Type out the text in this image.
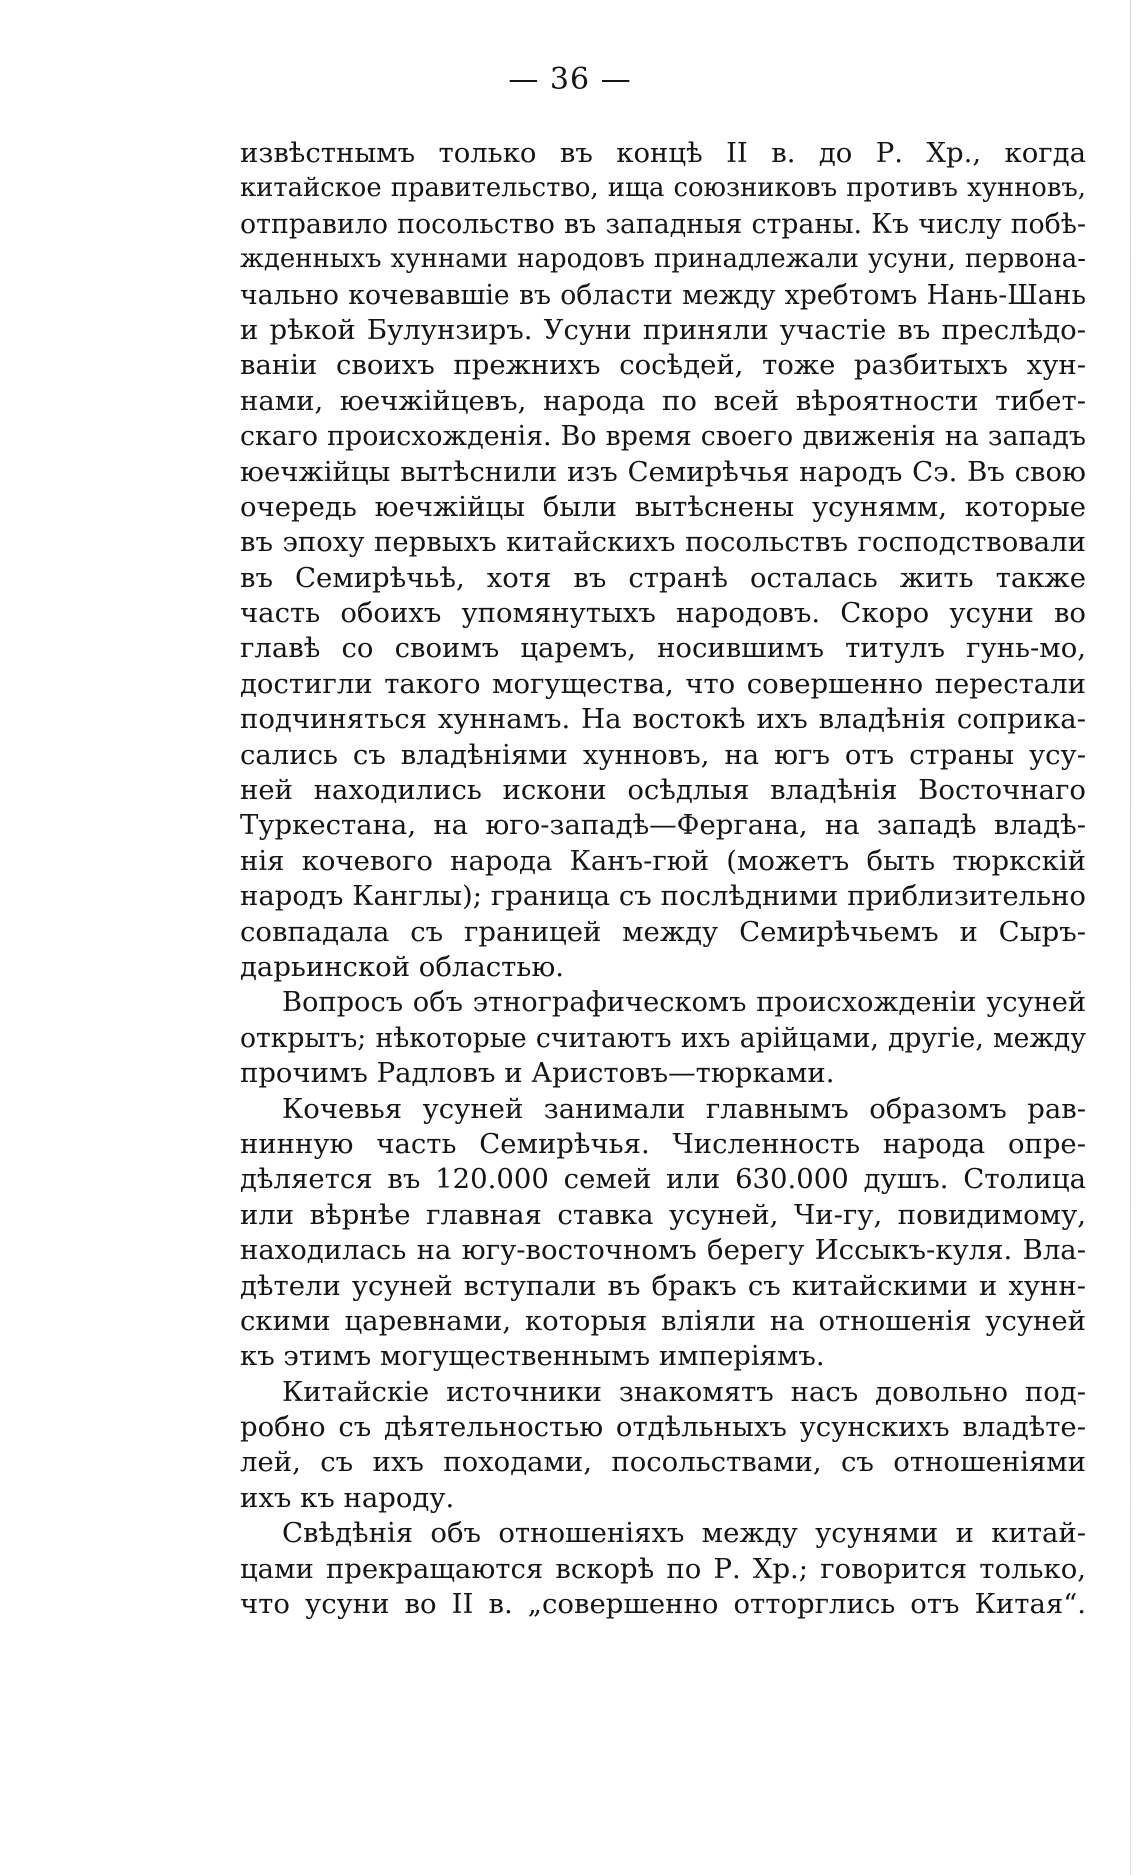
— 36 —
извѣстнымъ только въ концѣ II в. до Р. Хр., когда
китайское правительство, ища союзниковъ противъ хунновъ,
отправило посольство въ западныя страны. Къ числу побѣ-
жденныхъ хуннами народовъ принадлежали усуни, первона-
чально кочевавшіе въ области между хребтомъ Нань-Шань
и рѣкой Булунзиръ. Усуни приняли участіе въ преслѣдо-
ваніи своихъ прежнихъ сосѣдей, тоже разбитыхъ хун-
нами, юечжійцевъ, народа по всей вѣроятности тибет-
скаго происхожденія. Во время своего движенія на западъ
юечжійцы вытѣснили изъ Семирѣчья народъ Сэ. Въ свою
очередь юечжійцы были вытѣснены усунямм, которые
въ эпоху первыхъ китайскихъ посольствъ господствовали
въ Семирѣчьѣ, хотя въ странѣ осталась жить также
часть обоихъ упомянутыхъ народовъ. Скоро усуни во
главѣ со своимъ царемъ, носившимъ титулъ гунь-мо,
достигли такого могущества, что совершенно перестали
подчиняться хуннамъ. На востокѣ ихъ владѣнія соприка-
сались съ владѣніями хунновъ, на югъ отъ страны усу-
ней находились искони осѣдлыя владѣнія Восточнаго
Туркестана, на юго-западѣ—Фергана, на западѣ владѣ-
нія кочевого народа Канъ-гюй (можетъ быть тюркскій
народъ Канглы); граница съ послѣдними приблизительно
совпадала съ границей между Семирѣчьемъ и Сыръ-
дарьинской областью.
Вопросъ объ этнографическомъ происхожденіи усуней
открытъ; нѣкоторые считаютъ ихъ арійцами, другіе, между
прочимъ Радловъ и Аристовъ—тюрками.
Кочевья усуней занимали главнымъ образомъ рав-
нинную часть Семирѣчья. Численность народа опре-
дѣляется въ 120.000 семей или 630.000 душъ. Столица
или вѣрнѣе главная ставка усуней, Чи-гу, повидимому,
находилась на югу-восточномъ берегу Иссыкъ-куля. Вла-
дѣтели усуней вступали въ бракъ съ китайскими и хунн-
скими царевнами, которыя вліяли на отношенія усуней
къ этимъ могущественнымъ имперіямъ.
Китайскіе источники знакомятъ насъ довольно под-
робно съ дѣятельностью отдѣльныхъ усунскихъ владѣте-
лей, съ ихъ походами, посольствами, съ отношеніями
ихъ къ народу.
Свѣдѣнія объ отношеніяхъ между усунями и китай-
цами прекращаются вскорѣ по Р. Хр.; говорится только,
что усуни во II в. „совершенно отторглись отъ Китая“.
